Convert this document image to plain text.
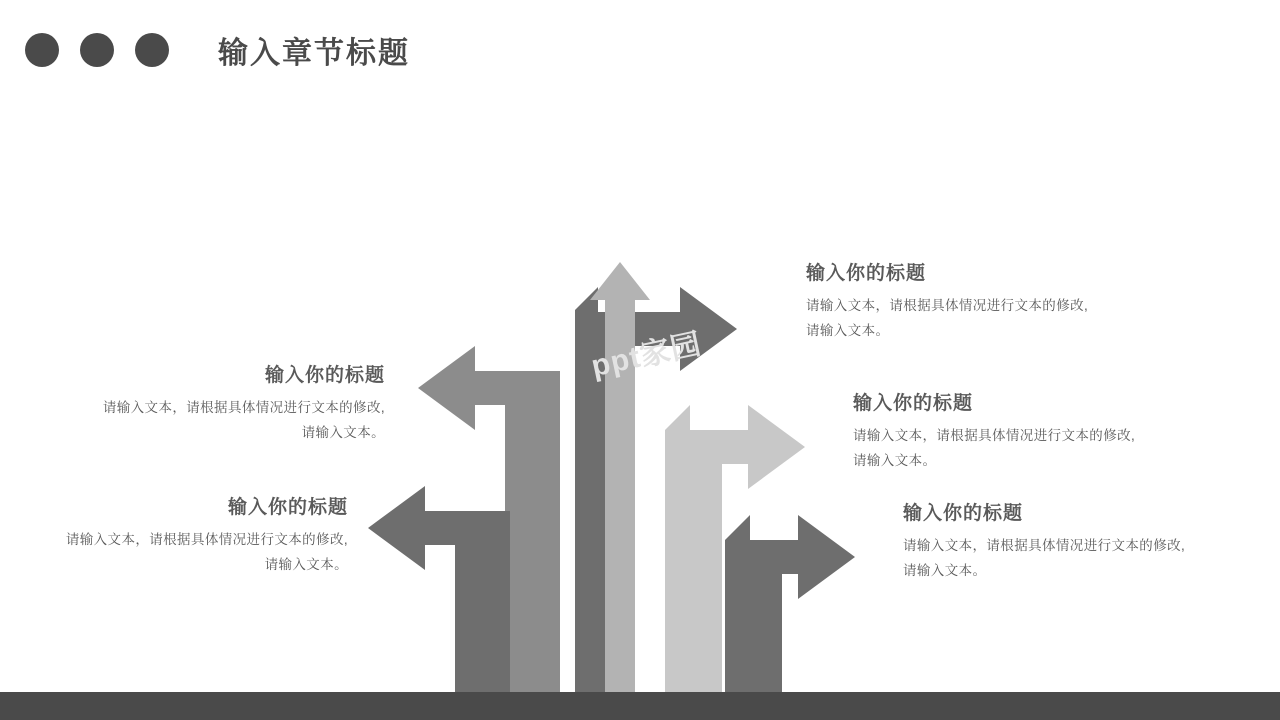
输入章节标题
ppt家园
输入你的标题
请输入文本，请根据具体情况进行文本的修改,请输入文本。
输入你的标题
请输入文本，请根据具体情况进行文本的修改,请输入文本。
输入你的标题
请输入文本，请根据具体情况进行文本的修改,请输入文本。
输入你的标题
请输入文本，请根据具体情况进行文本的修改,请输入文本。
输入你的标题
请输入文本，请根据具体情况进行文本的修改,请输入文本。
